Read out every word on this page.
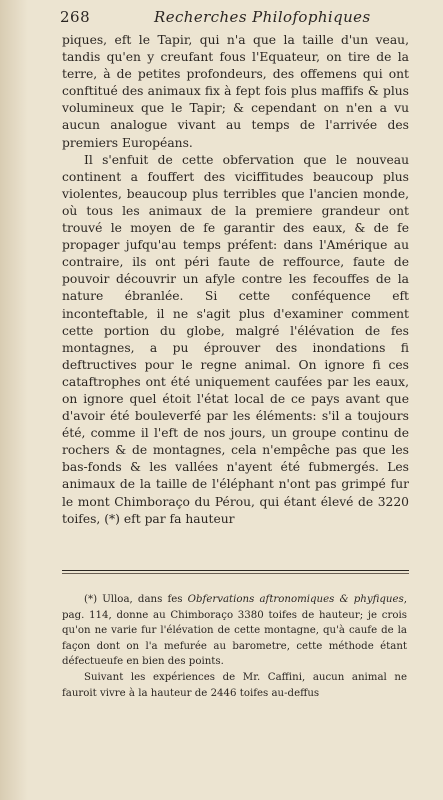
268	Recherches Philofophiques

piques, eft le Tapir, qui n'a que la taille d'un veau, tandis qu'en y creufant fous l'Equateur, on tire de la terre, à de petites profondeurs, des offemens qui ont conftitué des animaux fix à fept fois plus maffifs & plus volumineux que le Tapir; & cependant on n'en a vu aucun analogue vivant au temps de l'arrivée des premiers Européans.

Il s'enfuit de cette obfervation que le nouveau continent a fouffert des viciffitudes beaucoup plus violentes, beaucoup plus terribles que l'ancien monde, où tous les animaux de la premiere grandeur ont trouvé le moyen de fe garantir des eaux, & de fe propager jufqu'au temps préfent: dans l'Amérique au contraire, ils ont péri faute de reffource, faute de pouvoir découvrir un afyle contre les fecouffes de la nature ébranlée. Si cette conféquence eft inconteftable, il ne s'agit plus d'examiner comment cette portion du globe, malgré l'élévation de fes montagnes, a pu éprouver des inondations fi deftructives pour le regne animal. On ignore fi ces cataftrophes ont été uniquement caufées par les eaux, on ignore quel étoit l'état local de ce pays avant que d'avoir été bouleverfé par les éléments: s'il a toujours été, comme il l'eft de nos jours, un groupe continu de rochers & de montagnes, cela n'empêche pas que les bas-fonds & les vallées n'ayent été fubmergés. Les animaux de la taille de l'éléphant n'ont pas grimpé fur le mont Chimboraço du Pérou, qui étant élevé de 3220 toifes, (*) eft par fa hauteur

(*) Ulloa, dans fes Obfervations aftronomiques & phyfiques, pag. 114, donne au Chimboraço 3380 toifes de hauteur; je crois qu'on ne varie fur l'élévation de cette montagne, qu'à caufe de la façon dont on l'a mefurée au barometre, cette méthode étant défectueufe en bien des points.

Suivant les expériences de Mr. Caffini, aucun animal ne fauroit vivre à la hauteur de 2446 toifes au-deffus
